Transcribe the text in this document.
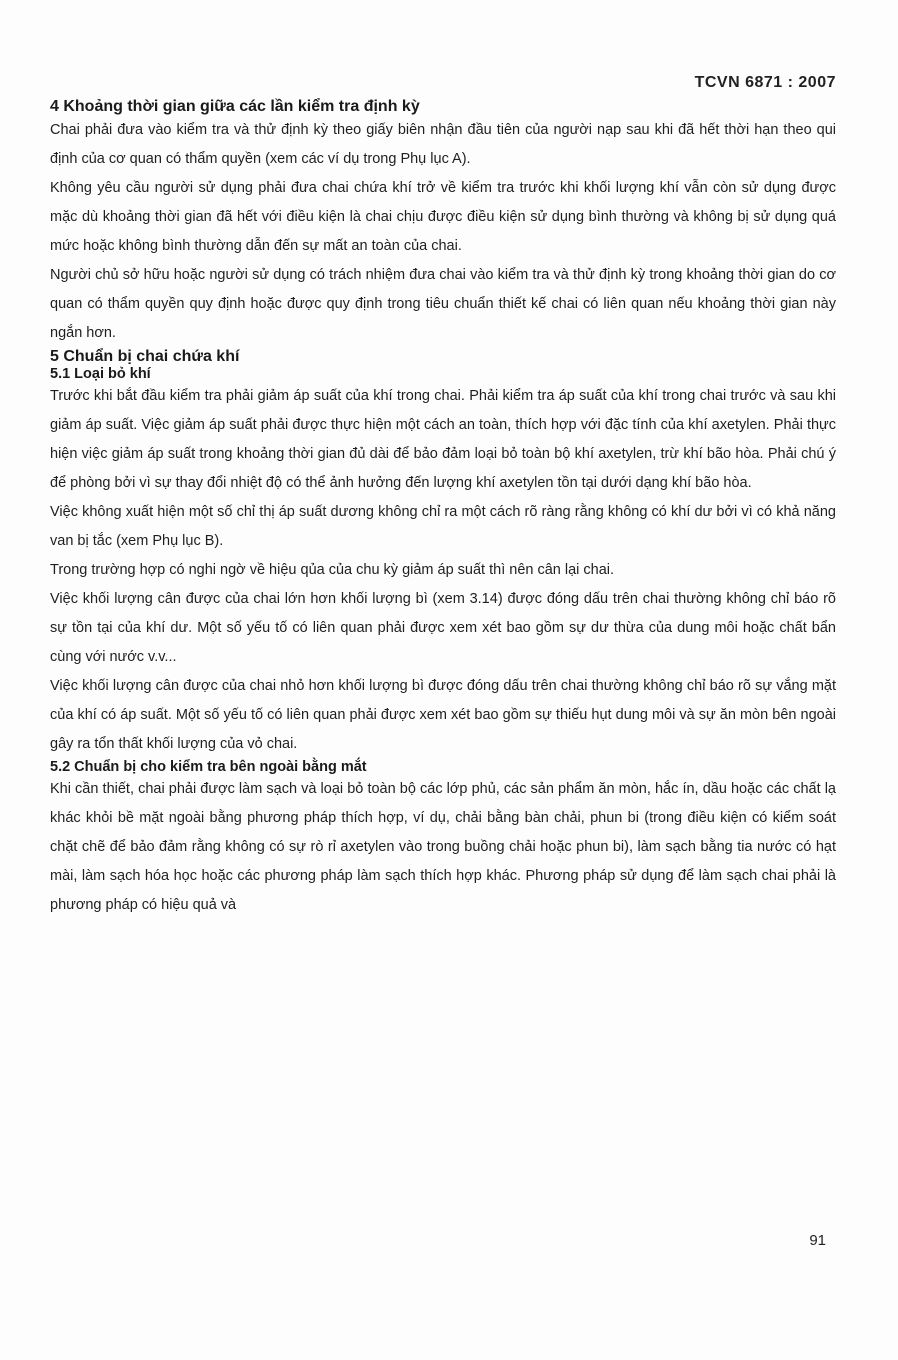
TCVN 6871 : 2007
4 Khoảng thời gian giữa các lần kiểm tra định kỳ

Chai phải đưa vào kiểm tra và thử định kỳ theo giấy biên nhận đầu tiên của người nạp sau khi đã hết thời hạn theo qui định của cơ quan có thẩm quyền (xem các ví dụ trong Phụ lục A).

Không yêu cầu người sử dụng phải đưa chai chứa khí trở về kiểm tra trước khi khối lượng khí vẫn còn sử dụng được mặc dù khoảng thời gian đã hết với điều kiện là chai chịu được điều kiện sử dụng bình thường và không bị sử dụng quá mức hoặc không bình thường dẫn đến sự mất an toàn của chai.

Người chủ sở hữu hoặc người sử dụng có trách nhiệm đưa chai vào kiểm tra và thử định kỳ trong khoảng thời gian do cơ quan có thẩm quyền quy định hoặc được quy định trong tiêu chuẩn thiết kế chai có liên quan nếu khoảng thời gian này ngắn hơn.

5 Chuẩn bị chai chứa khí
5.1 Loại bỏ khí

Trước khi bắt đầu kiểm tra phải giảm áp suất của khí trong chai. Phải kiểm tra áp suất của khí trong chai trước và sau khi giảm áp suất. Việc giảm áp suất phải được thực hiện một cách an toàn, thích hợp với đặc tính của khí axetylen. Phải thực hiện việc giảm áp suất trong khoảng thời gian đủ dài để bảo đảm loại bỏ toàn bộ khí axetylen, trừ khí bão hòa. Phải chú ý để phòng bởi vì sự thay đổi nhiệt độ có thể ảnh hưởng đến lượng khí axetylen tồn tại dưới dạng khí bão hòa.

Việc không xuất hiện một số chỉ thị áp suất dương không chỉ ra một cách rõ ràng rằng không có khí dư bởi vì có khả năng van bị tắc (xem Phụ lục B).

Trong trường hợp có nghi ngờ về hiệu qủa của chu kỳ giảm áp suất thì nên cân lại chai.

Việc khối lượng cân được của chai lớn hơn khối lượng bì (xem 3.14) được đóng dấu trên chai thường không chỉ báo rõ sự tồn tại của khí dư. Một số yếu tố có liên quan phải được xem xét bao gồm sự dư thừa của dung môi hoặc chất bẩn cùng với nước v.v...

Việc khối lượng cân được của chai nhỏ hơn khối lượng bì được đóng dấu trên chai thường không chỉ báo rõ sự vắng mặt của khí có áp suất. Một số yếu tố có liên quan phải được xem xét bao gồm sự thiếu hụt dung môi và sự ăn mòn bên ngoài gây ra tổn thất khối lượng của vỏ chai.

5.2 Chuẩn bị cho kiểm tra bên ngoài bằng mắt

Khi cần thiết, chai phải được làm sạch và loại bỏ toàn bộ các lớp phủ, các sản phẩm ăn mòn, hắc ín, dầu hoặc các chất lạ khác khỏi bề mặt ngoài bằng phương pháp thích hợp, ví dụ, chải bằng bàn chải, phun bi (trong điều kiện có kiểm soát chặt chẽ để bảo đảm rằng không có sự rò rỉ axetylen vào trong buồng chải hoặc phun bi), làm sạch bằng tia nước có hạt mài, làm sạch hóa học hoặc các phương pháp làm sạch thích hợp khác. Phương pháp sử dụng để làm sạch chai phải là phương pháp có hiệu quả và

91
